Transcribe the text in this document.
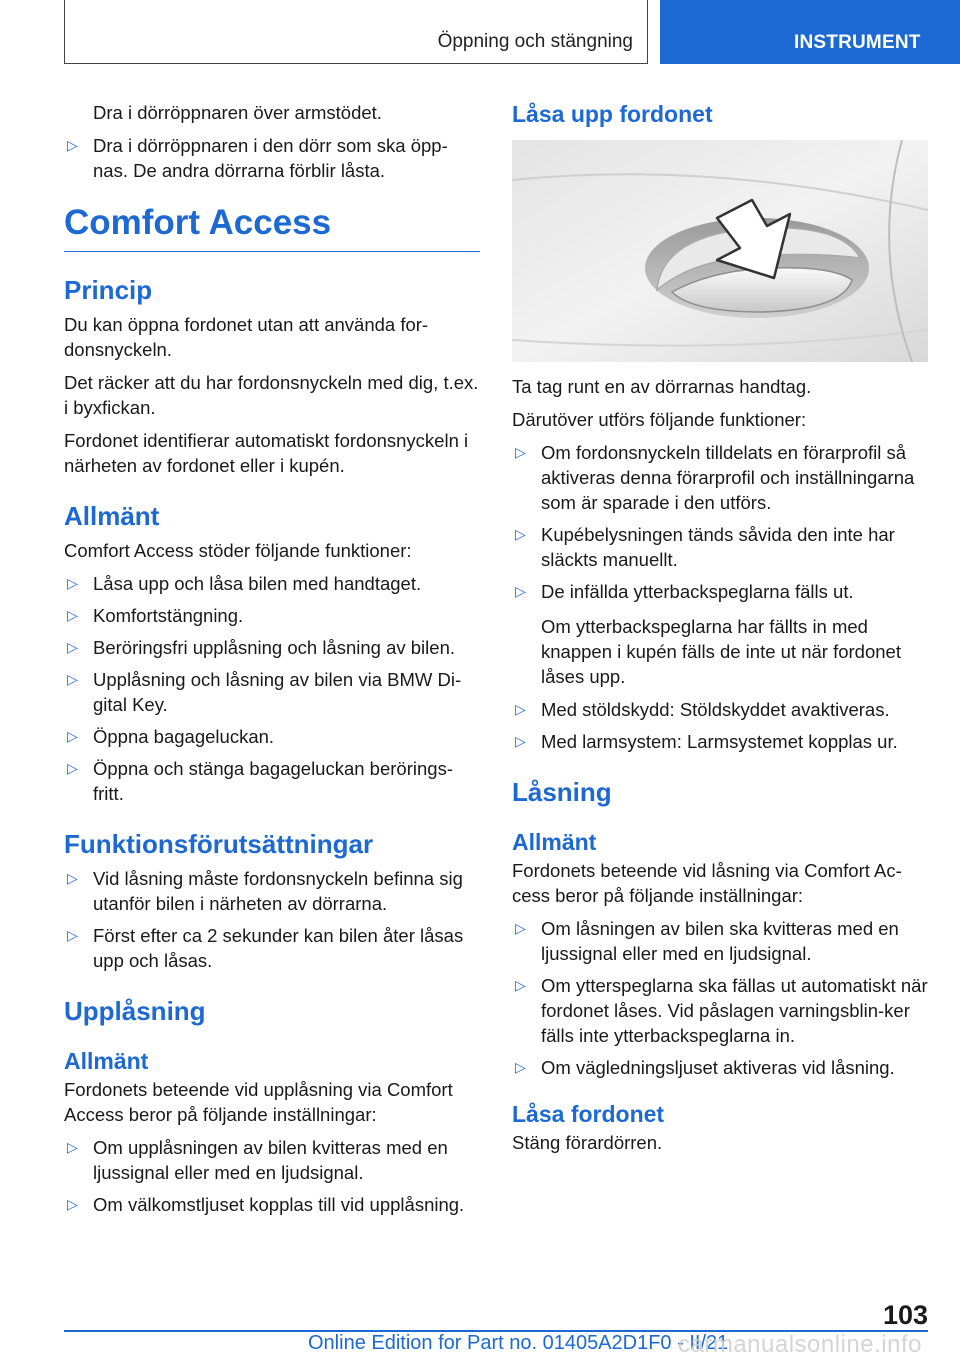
Öppning och stängning	INSTRUMENT

Dra i dörröppnaren över armstödet.

▷ Dra i dörröppnaren i den dörr som ska öpp-nas. De andra dörrarna förblir låsta.
Comfort Access
Princip

Du kan öppna fordonet utan att använda for-donsnyckeln.

Det räcker att du har fordonsnyckeln med dig, t.ex. i byxfickan.

Fordonet identifierar automatiskt fordonsnyckeln i närheten av fordonet eller i kupén.

Allmänt

Comfort Access stöder följande funktioner:

▷ Låsa upp och låsa bilen med handtaget.
▷ Komfortstängning.
▷ Beröringsfri upplåsning och låsning av bilen.
▷ Upplåsning och låsning av bilen via BMW Di-gital Key.
▷ Öppna bagageluckan.
▷ Öppna och stänga bagageluckan berörings-fritt.
Funktionsförutsättningar
▷ Vid låsning måste fordonsnyckeln befinna sig utanför bilen i närheten av dörrarna.
▷ Först efter ca 2 sekunder kan bilen åter låsas upp och låsas.
Upplåsning
Allmänt

Fordonets beteende vid upplåsning via Comfort Access beror på följande inställningar:

▷ Om upplåsningen av bilen kvitteras med en ljussignal eller med en ljudsignal.
▷ Om välkomstljuset kopplas till vid upplåsning.
Låsa upp fordonet

Ta tag runt en av dörrarnas handtag.

Därutöver utförs följande funktioner:

▷ Om fordonsnyckeln tilldelats en förarprofil så aktiveras denna förarprofil och inställningarna som är sparade i den utförs.
▷ Kupébelysningen tänds såvida den inte har släckts manuellt.
▷ De infällda ytterbackspeglarna fälls ut.

Om ytterbackspeglarna har fällts in med knappen i kupén fälls de inte ut när fordonet låses upp.

▷ Med stöldskydd: Stöldskyddet avaktiveras.
▷ Med larmsystem: Larmsystemet kopplas ur.
Låsning
Allmänt

Fordonets beteende vid låsning via Comfort Ac-cess beror på följande inställningar:

▷ Om låsningen av bilen ska kvitteras med en ljussignal eller med en ljudsignal.
▷ Om ytterspeglarna ska fällas ut automatiskt när fordonet låses. Vid påslagen varningsblin-ker fälls inte ytterbackspeglarna in.
▷ Om vägledningsljuset aktiveras vid låsning.
Låsa fordonet

Stäng förardörren.

103
Online Edition for Part no. 01405A2D1F0 - II/21
carmanualsonline.info
